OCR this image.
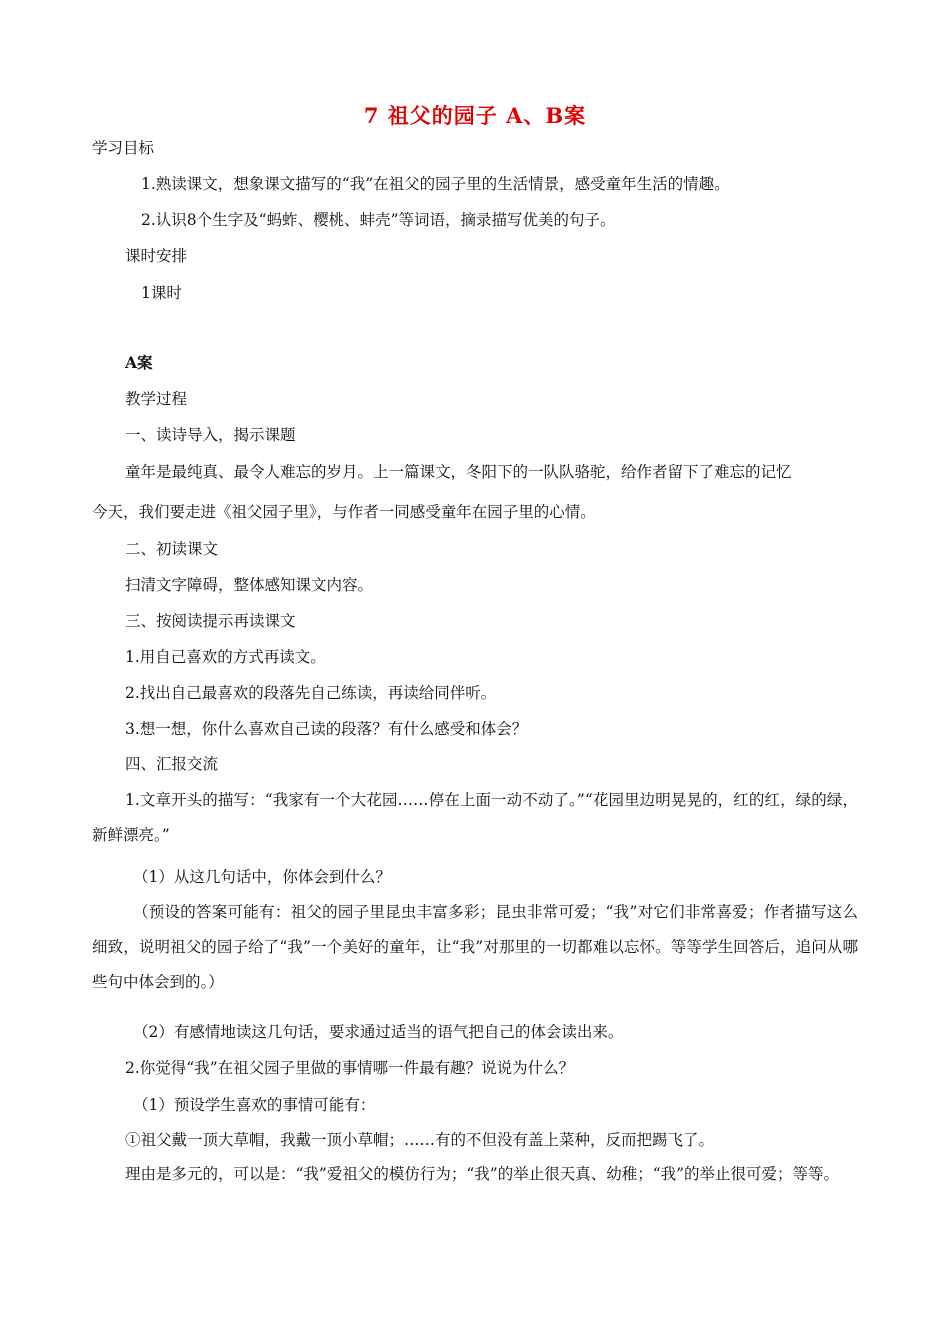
7 祖父的园子 A、B案
学习目标
1.熟读课文，想象课文描写的“我”在祖父的园子里的生活情景，感受童年生活的情趣。
2.认识8个生字及“蚂蚱、樱桃、蚌壳”等词语，摘录描写优美的句子。
课时安排
1课时
A案
教学过程
一、读诗导入，揭示课题
童年是最纯真、最令人难忘的岁月。上一篇课文，冬阳下的一队队骆驼，给作者留下了难忘的记忆
今天，我们要走进《祖父园子里》，与作者一同感受童年在园子里的心情。
二、初读课文
扫清文字障碍，整体感知课文内容。
三、按阅读提示再读课文
1.用自己喜欢的方式再读文。
2.找出自己最喜欢的段落先自己练读，再读给同伴听。
3.想一想，你什么喜欢自己读的段落？有什么感受和体会？
四、汇报交流
1.文章开头的描写：“我家有一个大花园……停在上面一动不动了。”“花园里边明晃晃的，红的红，绿的绿，新鲜漂亮。”
（1）从这几句话中，你体会到什么？
（预设的答案可能有：祖父的园子里昆虫丰富多彩；昆虫非常可爱；“我”对它们非常喜爱；作者描写这么细致，说明祖父的园子给了“我”一个美好的童年，让“我”对那里的一切都难以忘怀。等等学生回答后，追问从哪些句中体会到的。）
（2）有感情地读这几句话，要求通过适当的语气把自己的体会读出来。
2.你觉得“我”在祖父园子里做的事情哪一件最有趣？说说为什么？
（1）预设学生喜欢的事情可能有：
①祖父戴一顶大草帽，我戴一顶小草帽；……有的不但没有盖上菜种，反而把踢飞了。
理由是多元的，可以是：“我”爱祖父的模仿行为；“我”的举止很天真、幼稚；“我”的举止很可爱；等等。
